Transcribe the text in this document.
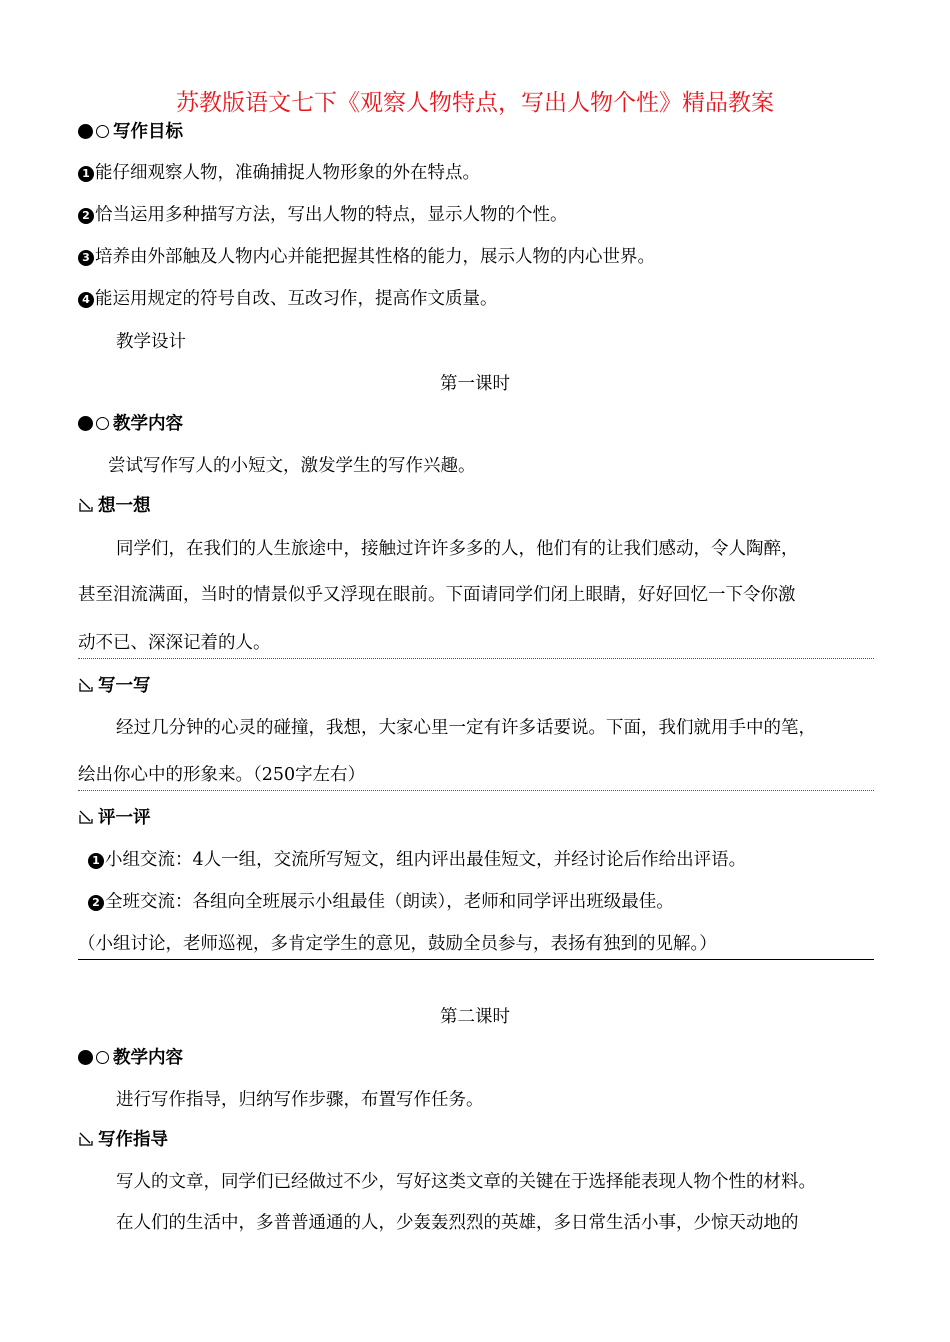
苏教版语文七下《观察人物特点，写出人物个性》精品教案
写作目标
1 能仔细观察人物，准确捕捉人物形象的外在特点。
2 恰当运用多种描写方法，写出人物的特点，显示人物的个性。
3 培养由外部触及人物内心并能把握其性格的能力，展示人物的内心世界。
4 能运用规定的符号自改、互改习作，提高作文质量。
教学设计
第一课时
教学内容
尝试写作写人的小短文，激发学生的写作兴趣。
想一想
同学们，在我们的人生旅途中，接触过许许多多的人，他们有的让我们感动，令人陶醉，
甚至泪流满面，当时的情景似乎又浮现在眼前。下面请同学们闭上眼睛，好好回忆一下令你激
动不已、深深记着的人。
写一写
经过几分钟的心灵的碰撞，我想，大家心里一定有许多话要说。下面，我们就用手中的笔，
绘出你心中的形象来。（250字左右）
评一评
1 小组交流：4人一组，交流所写短文，组内评出最佳短文，并经讨论后作给出评语。
2 全班交流：各组向全班展示小组最佳（朗读），老师和同学评出班级最佳。
（小组讨论，老师巡视，多肯定学生的意见，鼓励全员参与，表扬有独到的见解。）
第二课时
教学内容
进行写作指导，归纳写作步骤，布置写作任务。
写作指导
写人的文章，同学们已经做过不少，写好这类文章的关键在于选择能表现人物个性的材料。
在人们的生活中，多普普通通的人，少轰轰烈烈的英雄，多日常生活小事，少惊天动地的
